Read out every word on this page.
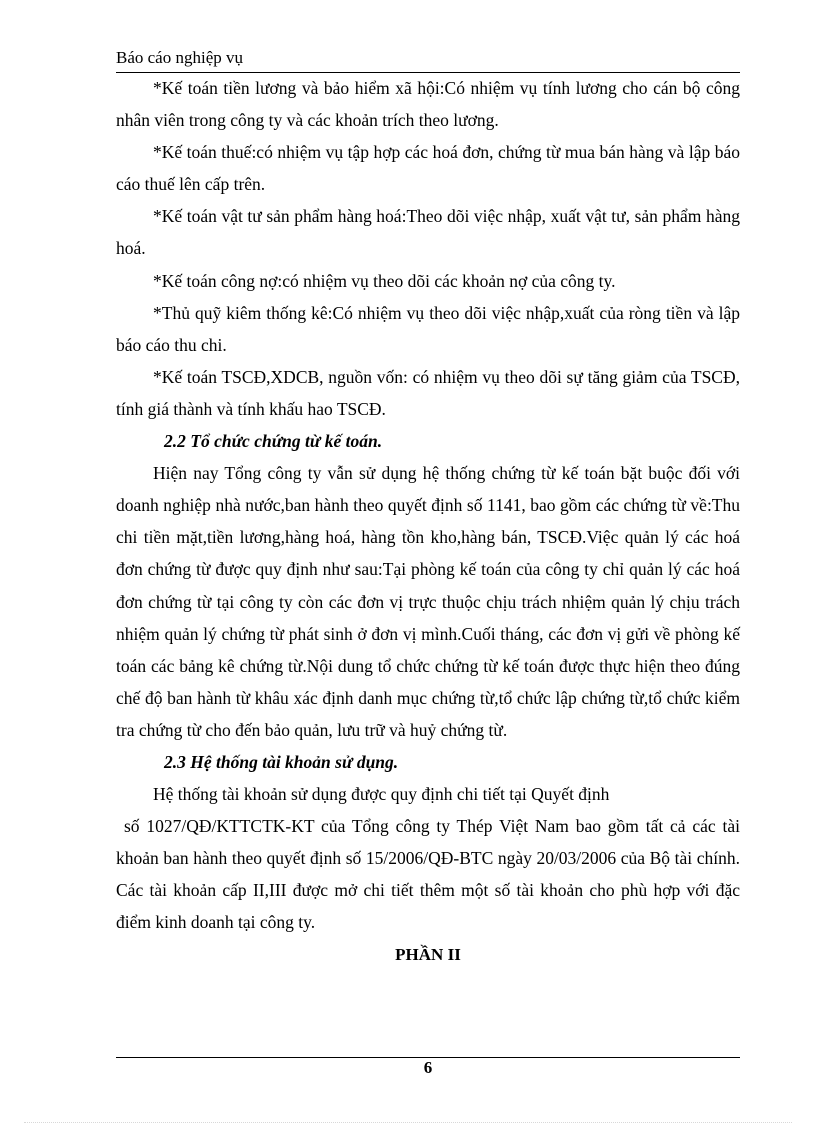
Báo cáo nghiệp vụ

*Kế toán tiền lương và bảo hiểm xã hội:Có nhiệm vụ tính lương cho cán bộ công nhân viên trong công ty và các khoản trích theo lương.

*Kế toán thuế:có nhiệm vụ tập hợp các hoá đơn, chứng từ mua bán hàng và lập báo cáo thuế lên cấp trên.

*Kế toán vật tư sản phẩm hàng hoá:Theo dõi việc nhập, xuất vật tư, sản phẩm hàng hoá.

*Kế toán công nợ:có nhiệm vụ theo dõi các khoản nợ của công ty.

*Thủ quỹ kiêm thống kê:Có nhiệm vụ theo dõi việc nhập,xuất của ròng tiền và lập báo cáo thu chi.

*Kế toán TSCĐ,XDCB, nguồn vốn: có nhiệm vụ theo dõi sự tăng giảm của TSCĐ, tính giá thành và tính khấu hao TSCĐ.

2.2 Tổ chức chứng từ kế toán.

Hiện nay Tổng công ty vẫn sử dụng hệ thống chứng từ kế toán bặt buộc đối với doanh nghiệp nhà nước,ban hành theo quyết định số 1141, bao gồm các chứng từ về:Thu chi tiền mặt,tiền lương,hàng hoá, hàng tồn kho,hàng bán, TSCĐ.Việc quản lý các hoá đơn chứng từ được quy định như sau:Tại phòng kế toán của công ty chỉ quản lý các hoá đơn chứng từ tại công ty còn các đơn vị trực thuộc chịu trách nhiệm quản lý chịu trách nhiệm quản lý chứng từ phát sinh ở đơn vị mình.Cuối tháng, các đơn vị gửi về phòng kế toán các bảng kê chứng từ.Nội dung tổ chức chứng từ kế toán được thực hiện theo đúng chế độ ban hành từ khâu xác định danh mục chứng từ,tổ chức lập chứng từ,tổ chức kiểm tra chứng từ cho đến bảo quản, lưu trữ và huỷ chứng từ.

2.3 Hệ thống tài khoản sử dụng.

Hệ thống tài khoản sử dụng được quy định chi tiết tại Quyết định

số 1027/QĐ/KTTCTK-KT của Tổng công ty Thép Việt Nam bao gồm tất cả các tài khoản ban hành theo quyết định số 15/2006/QĐ-BTC ngày 20/03/2006 của Bộ tài chính. Các tài khoản cấp II,III được mở chi tiết thêm một số tài khoản cho phù hợp với đặc điểm kinh doanh tại công ty.

PHẦN II
6
